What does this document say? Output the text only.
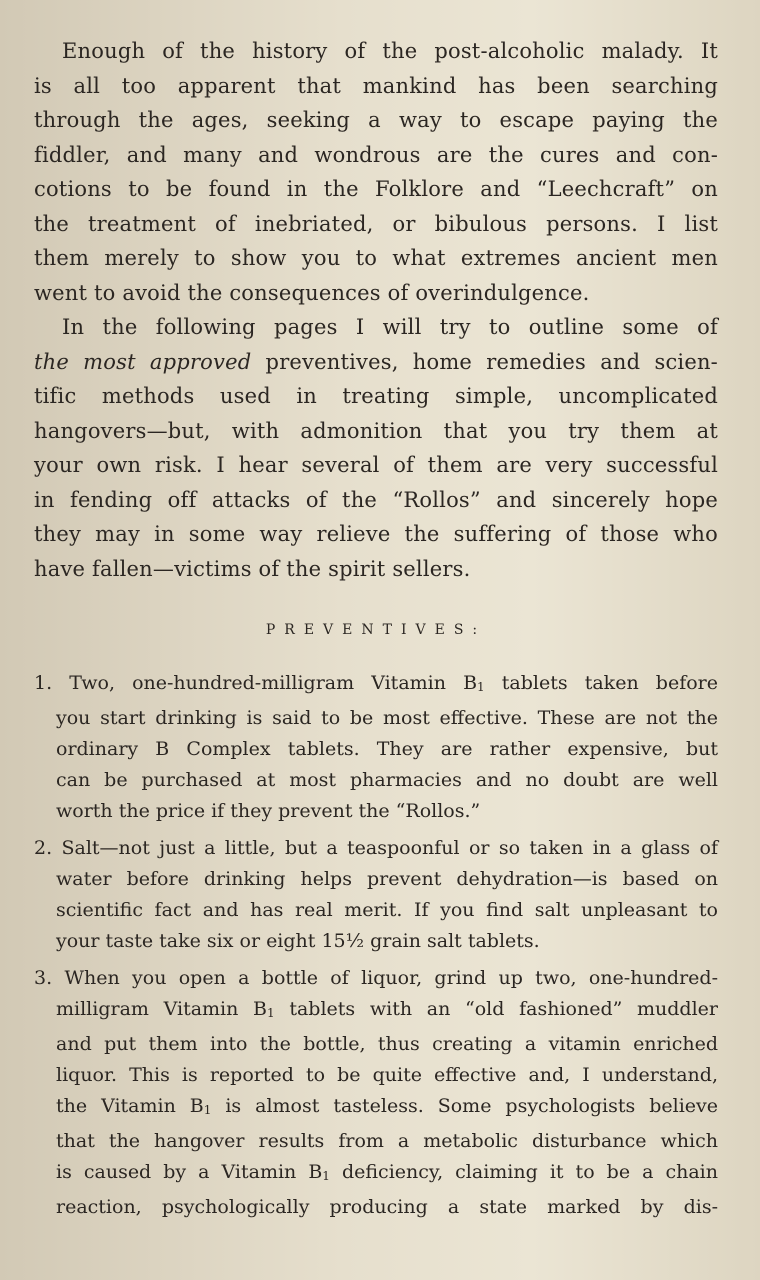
Enough of the history of the post-alcoholic malady. It

is all too apparent that mankind has been searching

through the ages, seeking a way to escape paying the

fiddler, and many and wondrous are the cures and con-

cotions to be found in the Folklore and “Leechcraft” on

the treatment of inebriated, or bibulous persons. I list

them merely to show you to what extremes ancient men

went to avoid the consequences of overindulgence.

In the following pages I will try to outline some of

the most approved preventives, home remedies and scien-

tific methods used in treating simple, uncomplicated

hangovers—but, with admonition that you try them at

your own risk. I hear several of them are very successful

in fending off attacks of the “Rollos” and sincerely hope

they may in some way relieve the suffering of those who

have fallen—victims of the spirit sellers.

PREVENTIVES:

1. Two, one-hundred-milligram Vitamin B1 tablets taken before

you start drinking is said to be most effective. These are not the

ordinary B Complex tablets. They are rather expensive, but

can be purchased at most pharmacies and no doubt are well

worth the price if they prevent the “Rollos.”

2. Salt—not just a little, but a teaspoonful or so taken in a glass of

water before drinking helps prevent dehydration—is based on

scientific fact and has real merit. If you find salt unpleasant to

your taste take six or eight 15½ grain salt tablets.

3. When you open a bottle of liquor, grind up two, one-hundred-

milligram Vitamin B1 tablets with an “old fashioned” muddler

and put them into the bottle, thus creating a vitamin enriched

liquor. This is reported to be quite effective and, I understand,

the Vitamin B1 is almost tasteless. Some psychologists believe

that the hangover results from a metabolic disturbance which

is caused by a Vitamin B1 deficiency, claiming it to be a chain

reaction, psychologically producing a state marked by dis-
